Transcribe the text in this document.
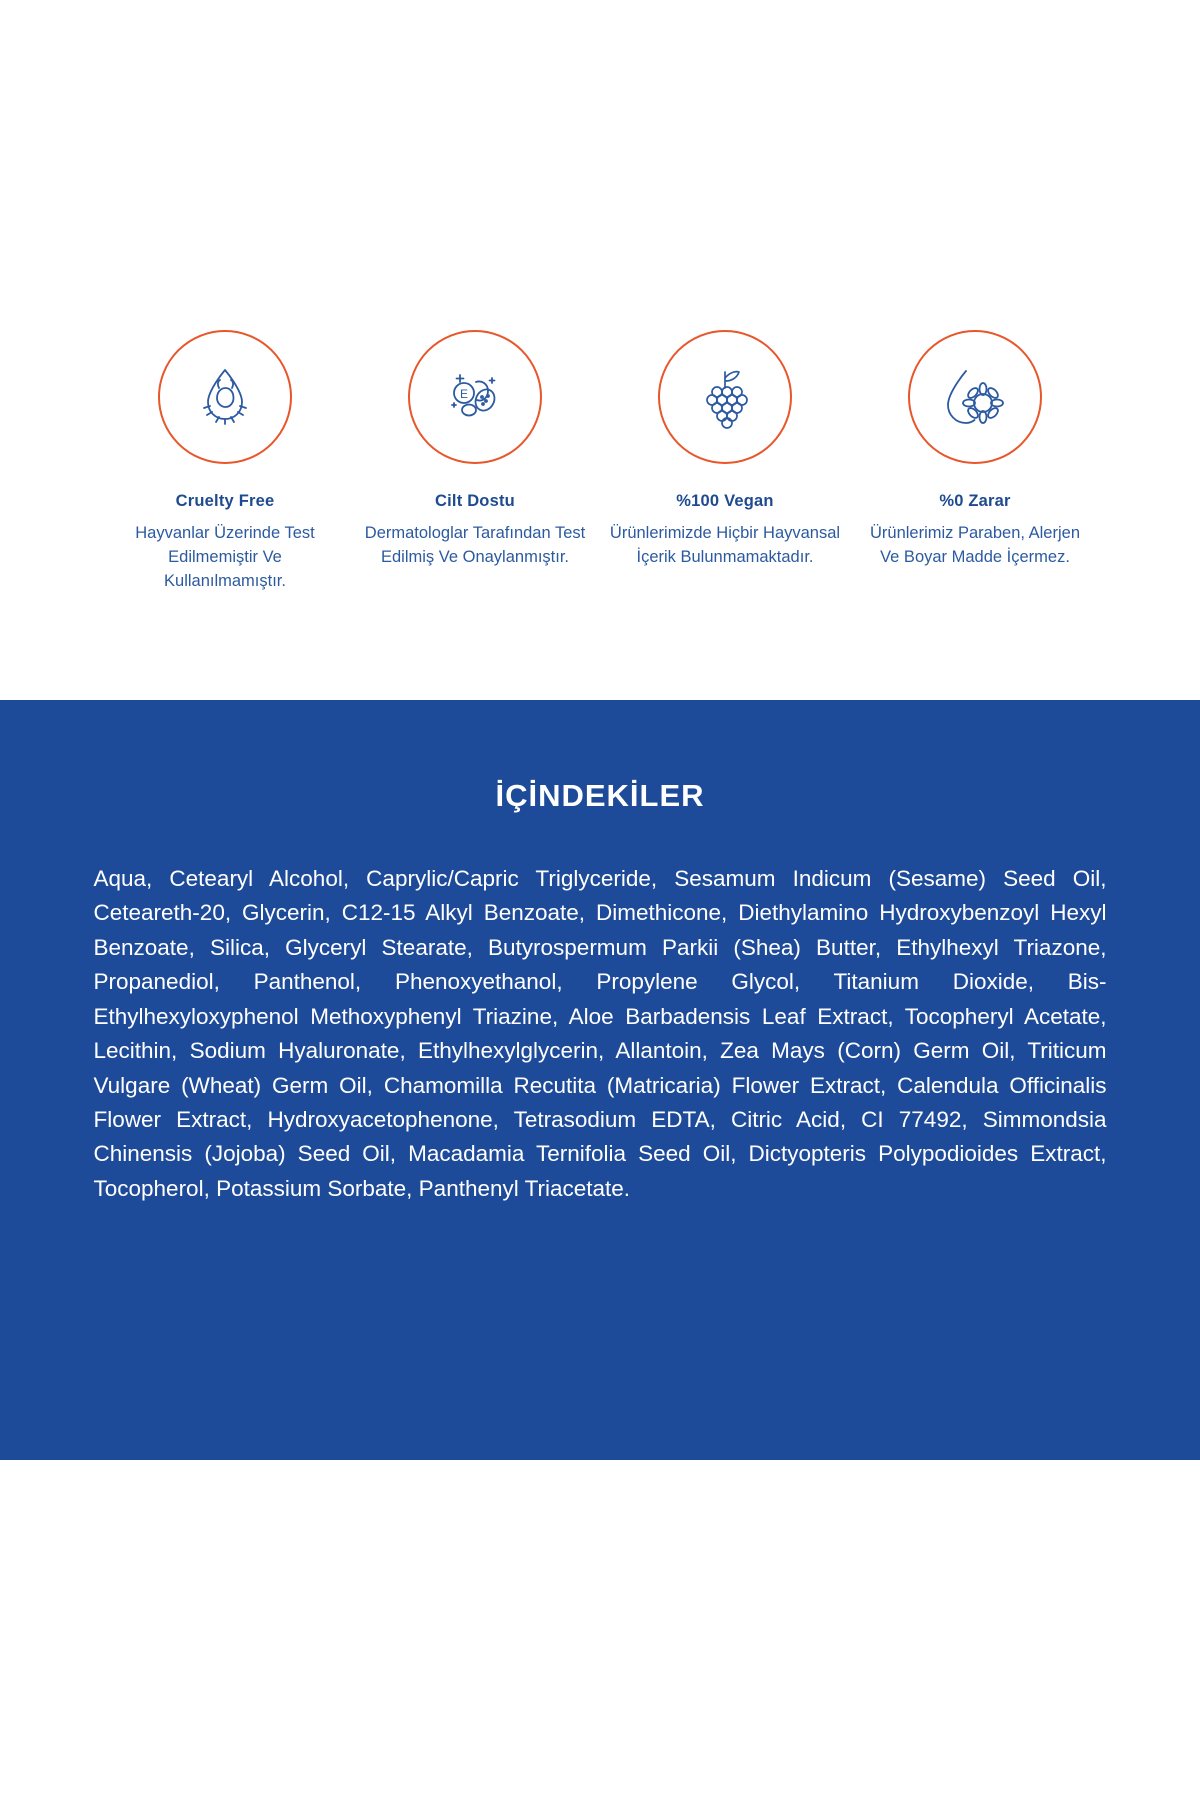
Cruelty Free
Hayvanlar Üzerinde Test Edilmemiştir Ve Kullanılmamıştır.
E
Cilt Dostu
Dermatologlar Tarafından Test Edilmiş Ve Onaylanmıştır.
%100 Vegan
Ürünlerimizde Hiçbir Hayvansal İçerik Bulunmamaktadır.
%0 Zarar
Ürünlerimiz Paraben, Alerjen Ve Boyar Madde İçermez.
İÇİNDEKİLER
Aqua, Cetearyl Alcohol, Caprylic/Capric Triglyceride, Sesamum Indicum (Sesame) Seed Oil, Ceteareth-20, Glycerin, C12-15 Alkyl Benzoate, Dimethicone, Diethylamino Hydroxybenzoyl Hexyl Benzoate, Silica, Glyceryl Stearate, Butyrospermum Parkii (Shea) Butter, Ethylhexyl Triazone, Propanediol, Panthenol, Phenoxyethanol, Propylene Glycol, Titanium Dioxide, Bis-Ethylhexyloxyphenol Methoxyphenyl Triazine, Aloe Barbadensis Leaf Extract, Tocopheryl Acetate, Lecithin, Sodium Hyaluronate, Ethylhexylglycerin, Allantoin, Zea Mays (Corn) Germ Oil, Triticum Vulgare (Wheat) Germ Oil, Chamomilla Recutita (Matricaria) Flower Extract, Calendula Officinalis Flower Extract, Hydroxyacetophenone, Tetrasodium EDTA, Citric Acid, CI 77492, Simmondsia Chinensis (Jojoba) Seed Oil, Macadamia Ternifolia Seed Oil, Dictyopteris Polypodioides Extract, Tocopherol, Potassium Sorbate, Panthenyl Triacetate.
